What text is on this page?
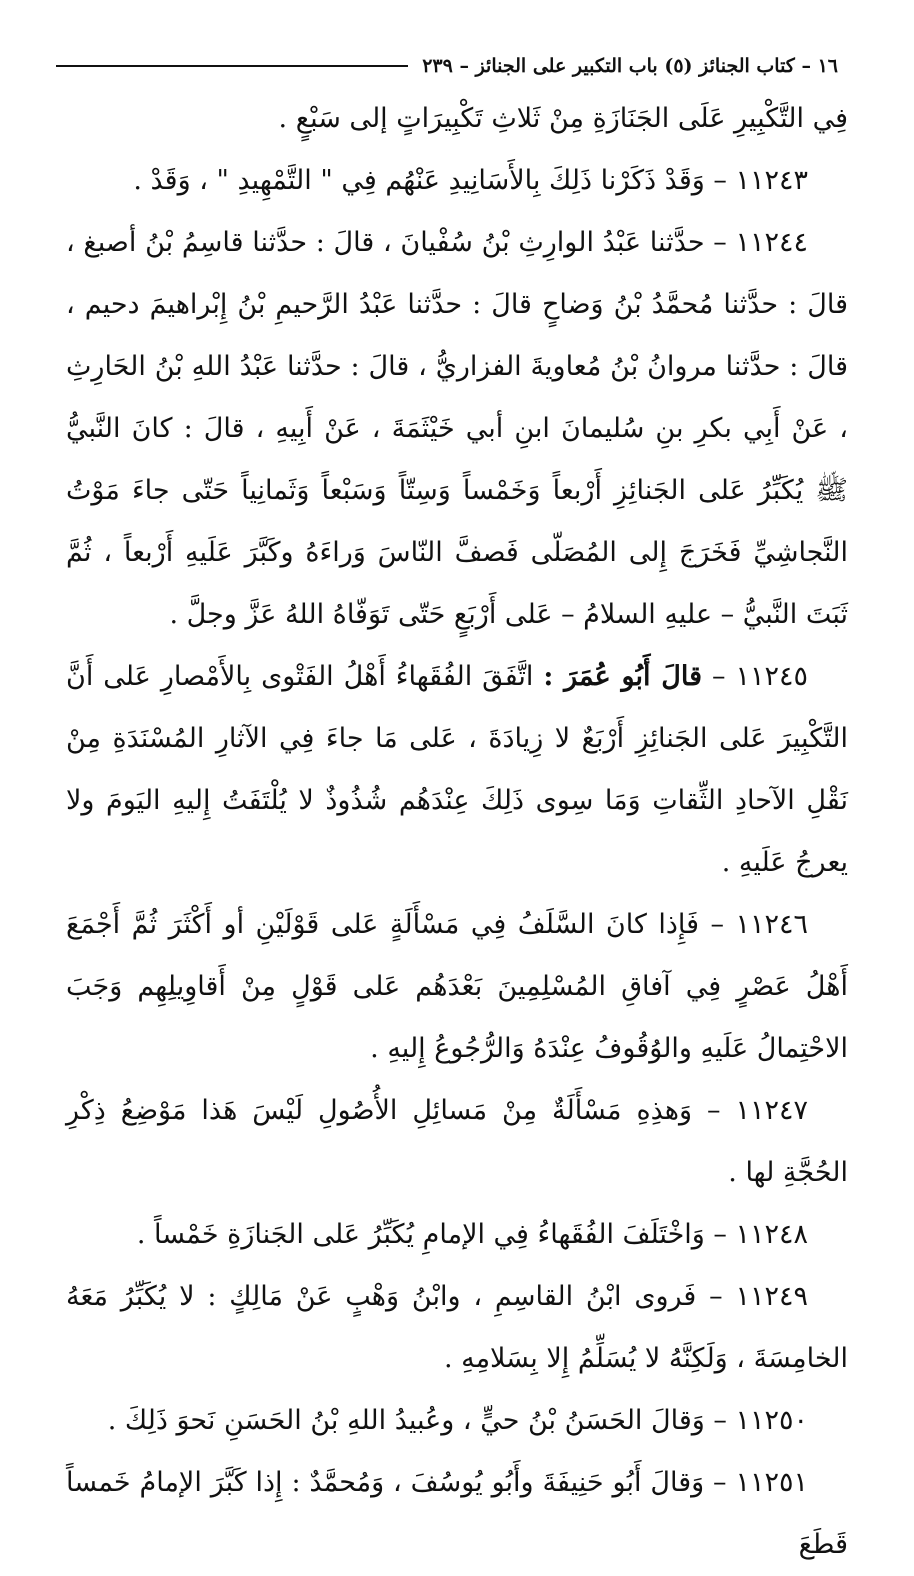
١٦ – كتاب الجنائز (٥) باب التكبير على الجنائز – ٢٣٩

فِي التَّكْبِيرِ عَلَى الجَنَازَةِ مِنْ ثَلاثِ تَكْبِيرَاتٍ إلى سَبْعٍ .

١١٢٤٣ – وَقَدْ ذَكَرْنا ذَلِكَ بِالأَسَانِيدِ عَنْهُم فِي " التَّمْهِيدِ " ، وَقَدْ .

١١٢٤٤ – حدَّثنا عَبْدُ الوارِثِ بْنُ سُفْيانَ ، قالَ : حدَّثنا قاسِمُ بْنُ أصبغ ، قالَ : حدَّثنا مُحمَّدُ بْنُ وَضاحٍ قالَ : حدَّثنا عَبْدُ الرَّحيمِ بْنُ إِبْراهيمَ دحيم ، قالَ : حدَّثنا مروانُ بْنُ مُعاويةَ الفزاريُّ ، قالَ : حدَّثنا عَبْدُ اللهِ بْنُ الحَارِثِ ، عَنْ أَبِي بكرِ بنِ سُليمانَ ابنِ أبي خَيْثَمَةَ ، عَنْ أَبِيهِ ، قالَ : كانَ النَّبيُّ ﷺ يُكَبِّرُ عَلى الجَنائِزِ أَرْبعاً وَخَمْساً وَسِتّاً وَسَبْعاً وَثَمانِياً حَتّى جاءَ مَوْتُ النَّجاشِيِّ فَخَرَجَ إِلى المُصَلّى فَصفَّ النّاسَ وَراءَهُ وكَبَّرَ عَلَيهِ أَرْبعاً ، ثُمَّ ثَبَتَ النَّبيُّ – عليهِ السلامُ – عَلى أَرْبَعٍ حَتّى تَوَفّاهُ اللهُ عَزَّ وجلَّ .

١١٢٤٥ – قالَ أَبُو عُمَرَ : اتَّفَقَ الفُقَهاءُ أَهْلُ الفَتْوى بِالأَمْصارِ عَلى أَنَّ التَّكْبِيرَ عَلى الجَنائِزِ أَرْبَعٌ لا زِيادَةَ ، عَلى مَا جاءَ فِي الآثارِ المُسْنَدَةِ مِنْ نَقْلِ الآحادِ الثِّقاتِ وَمَا سِوى ذَلِكَ عِنْدَهُم شُذُوذٌ لا يُلْتَفَتُ إِليهِ اليَومَ ولا يعرجُ عَلَيهِ .

١١٢٤٦ – فَإِذا كانَ السَّلَفُ فِي مَسْأَلَةٍ عَلى قَوْلَيْنِ أو أَكْثَرَ ثُمَّ أَجْمَعَ أَهْلُ عَصْرٍ فِي آفاقِ المُسْلِمِينَ بَعْدَهُم عَلى قَوْلٍ مِنْ أَقاوِيلِهِم وَجَبَ الاحْتِمالُ عَلَيهِ والوُقُوفُ عِنْدَهُ وَالرُّجُوعُ إِليهِ .

١١٢٤٧ – وَهذِهِ مَسْأَلَةٌ مِنْ مَسائِلِ الأُصُولِ لَيْسَ هَذا مَوْضِعُ ذِكْرِ الحُجَّةِ لها .

١١٢٤٨ – وَاخْتَلَفَ الفُقَهاءُ فِي الإمامِ يُكَبِّرُ عَلى الجَنازَةِ خَمْساً .

١١٢٤٩ – فَروى ابْنُ القاسِمِ ، وابْنُ وَهْبٍ عَنْ مَالِكٍ : لا يُكَبِّرُ مَعَهُ الخامِسَةَ ، وَلَكِنَّهُ لا يُسَلِّمُ إِلا بِسَلامِهِ .

١١٢٥٠ – وَقالَ الحَسَنُ بْنُ حيٍّ ، وعُبيدُ اللهِ بْنُ الحَسَنِ نَحوَ ذَلِكَ .

١١٢٥١ – وَقالَ أَبُو حَنِيفَةَ وأَبُو يُوسُفَ ، وَمُحمَّدٌ : إِذا كَبَّرَ الإمامُ خَمساً قَطَعَ
